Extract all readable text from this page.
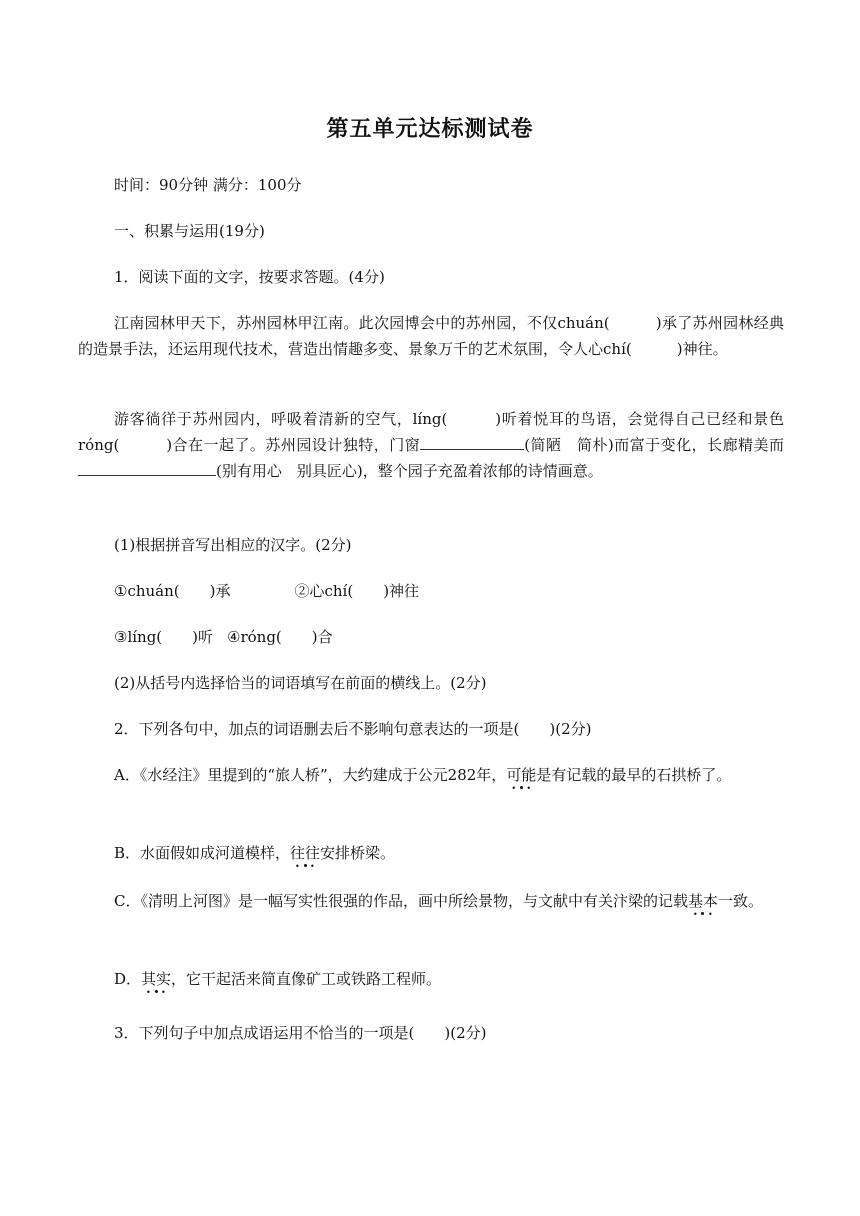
第五单元达标测试卷
时间：90分钟 满分：100分
一、积累与运用(19分)
1．阅读下面的文字，按要求答题。(4分)
江南园林甲天下，苏州园林甲江南。此次园博会中的苏州园，不仅chuán(　　　)承了苏州园林经典的造景手法，还运用现代技术，营造出情趣多变、景象万千的艺术氛围，令人心chí(　　　)神往。
游客徜徉于苏州园内，呼吸着清新的空气，líng(　　　)听着悦耳的鸟语，会觉得自己已经和景色róng(　　　)合在一起了。苏州园设计独特，门窗	(简陋　简朴)而富于变化，长廊精美而(别有用心　别具匠心)，整个园子充盈着浓郁的诗情画意。
(1)根据拼音写出相应的汉字。(2分)
①chuán(　　)承	②心chí(　　)神往
③líng(　　)听 ④róng(　　)合
(2)从括号内选择恰当的词语填写在前面的横线上。(2分)
2．下列各句中，加点的词语删去后不影响句意表达的一项是(　　)(2分)
A．《水经注》里提到的“旅人桥”，大约建成于公元282年，可能是有记载的最早的石拱桥了。
B．水面假如成河道模样，往往安排桥梁。
C．《清明上河图》是一幅写实性很强的作品，画中所绘景物，与文献中有关汴梁的记载基本一致。
D．其实，它干起活来简直像矿工或铁路工程师。
3．下列句子中加点成语运用不恰当的一项是(　　)(2分)
